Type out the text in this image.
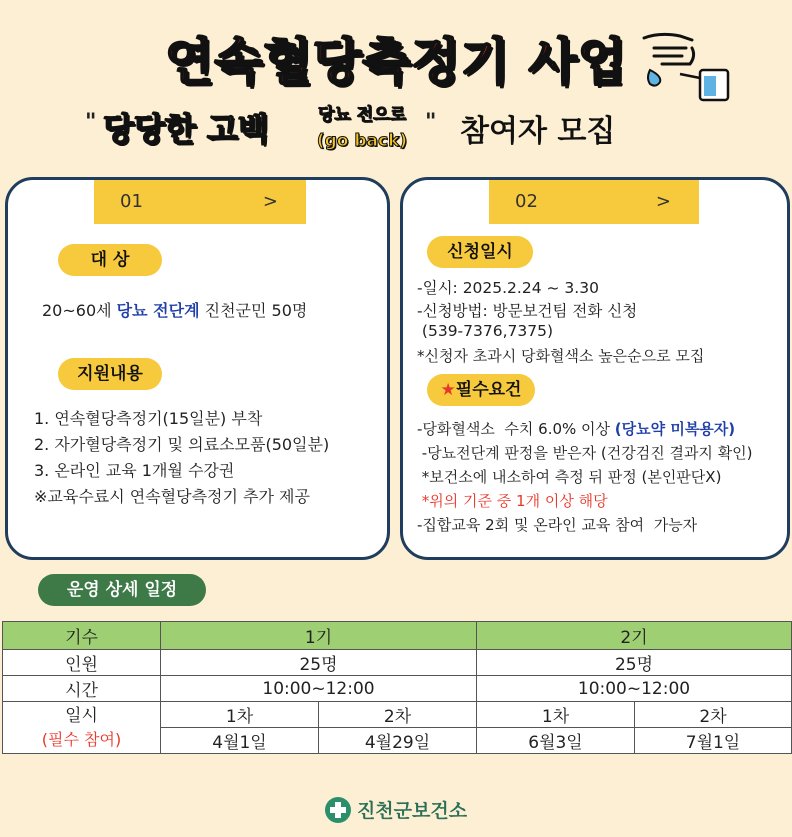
연속혈당측정기 사업
" 당당한 고백	당뇨 전으로
(go back)
" 참여자 모집
01	>
대 상
20~60세 당뇨 전단계 진천군민 50명
지원내용
1. 연속혈당측정기(15일분) 부착
2. 자가혈당측정기 및 의료소모품(50일분)
3. 온라인 교육 1개월 수강권
※교육수료시 연속혈당측정기 추가 제공
02	>
신청일시
-일시: 2025.2.24 ~ 3.30
-신청방법: 방문보건팀 전화 신청
(539-7376,7375)
*신청자 초과시 당화혈색소 높은순으로 모집
★필수요건
-당화혈색소  수치 6.0% 이상 (당뇨약 미복용자)
-당뇨전단계 판정을 받은자 (건강검진 결과지 확인)
*보건소에 내소하여 측정 뒤 판정 (본인판단X)
*위의 기준 중 1개 이상 해당
-집합교육 2회 및 온라인 교육 참여  가능자
운영 상세 일정
기수	1기		2기	
인원	25명		25명	
시간	10:00~12:00		10:00~12:00	

일시
(필수 참여)	1차	2차	1차	2차
	4월1일	4월29일	6월3일	7월1일
진천군보건소
